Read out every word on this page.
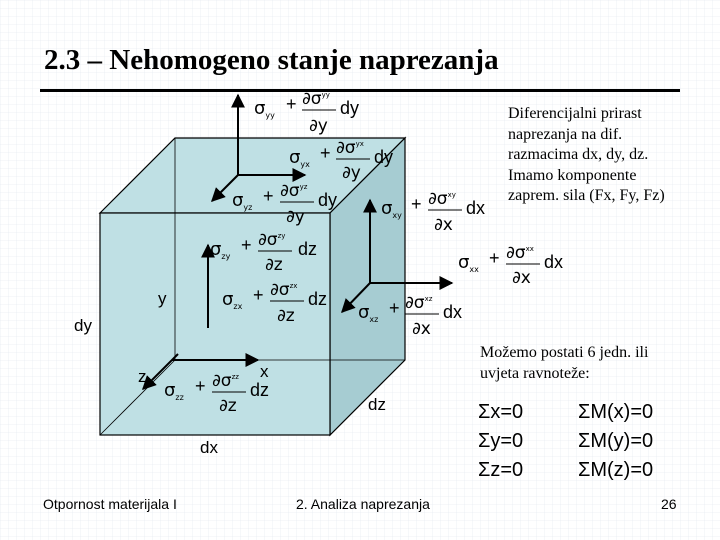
2.3 – Nehomogeno stanje naprezanja
y
x
z
dy
dz
dx
$\sigma_{yy}$
+ $\partial\sigma^{yy}$
∂y
dy
$\sigma_{yx}$
+ $\partial\sigma^{yx}$
∂y
dy
$\sigma_{yz}$
+ $\partial\sigma^{yz}$
∂y
dy $\sigma_{xy}$
+ $\partial\sigma^{xy}$
∂x
dx
$\sigma_{zy}$
+ $\partial\sigma^{zy}$
∂z
dz
$\sigma_{xx}$
+ $\partial\sigma^{xx}$
∂x
dx
$\sigma_{zx}$
+ $\partial\sigma^{zx}$
∂z
dz
$\sigma_{xz}$
+ $\partial\sigma^{xz}$
∂x
dx
$\sigma_{zz}$
+ $\partial\sigma^{zz}$
∂z
dz
Diferencijalni prirast
naprezanja na dif.
razmacima dx, dy, dz.
Imamo komponente
zaprem. sila (Fx, Fy, Fz)
Možemo postati 6 jedn. ili
uvjeta ravnoteže:
Σx=0
Σy=0
Σz=0
ΣM(x)=0
ΣM(y)=0
ΣM(z)=0
Otpornost materijala I	2. Analiza naprezanja	26
